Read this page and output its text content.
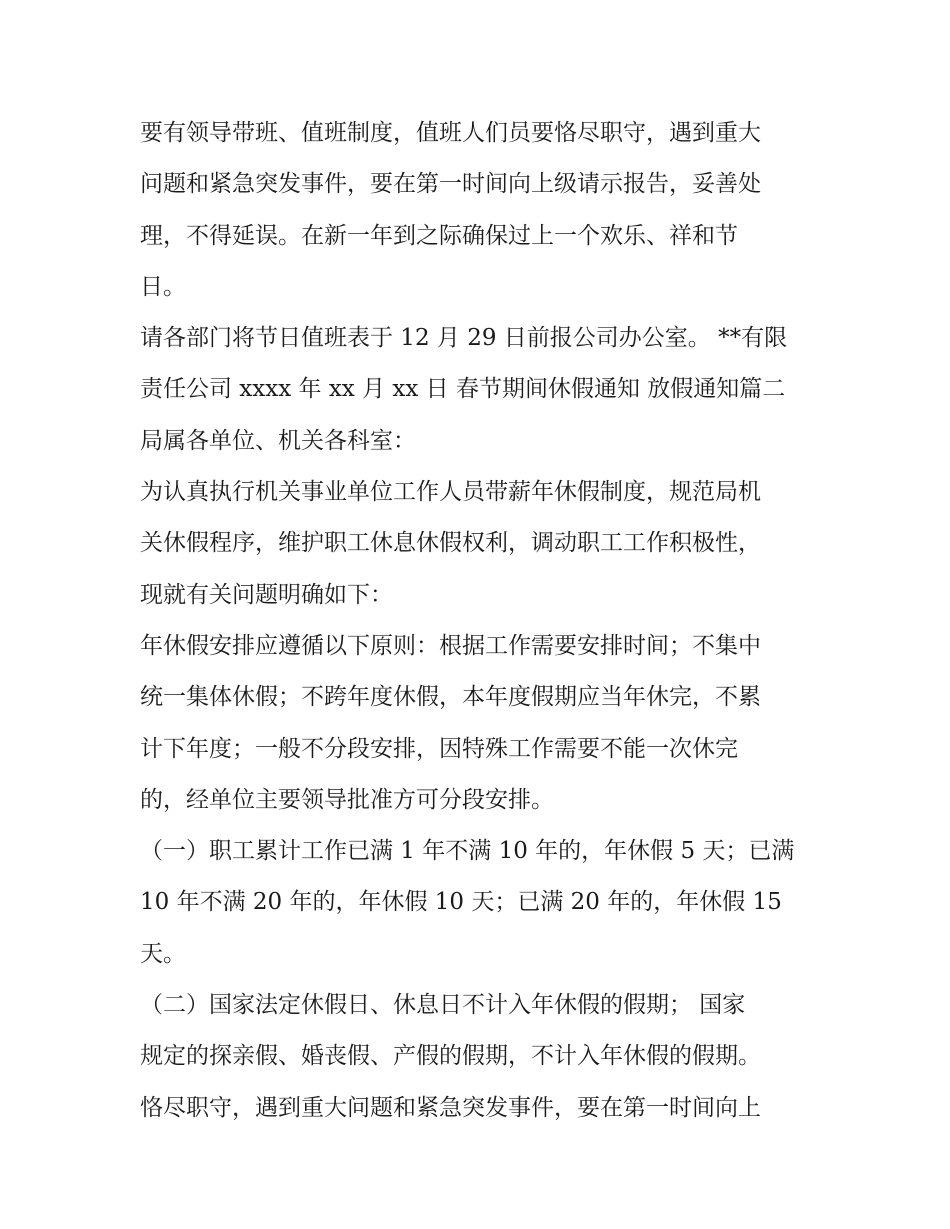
要有领导带班、值班制度，值班人们员要恪尽职守，遇到重大
问题和紧急突发事件，要在第一时间向上级请示报告，妥善处
理，不得延误。在新一年到之际确保过上一个欢乐、祥和节
日。
请各部门将节日值班表于 12 月 29 日前报公司办公室。 **有限
责任公司 xxxx 年 xx 月 xx 日 春节期间休假通知 放假通知篇二
局属各单位、机关各科室：
为认真执行机关事业单位工作人员带薪年休假制度，规范局机
关休假程序，维护职工休息休假权利，调动职工工作积极性，
现就有关问题明确如下：
年休假安排应遵循以下原则：根据工作需要安排时间；不集中
统一集体休假；不跨年度休假，本年度假期应当年休完，不累
计下年度；一般不分段安排，因特殊工作需要不能一次休完
的，经单位主要领导批准方可分段安排。
（一）职工累计工作已满 1 年不满 10 年的，年休假 5 天；已满
10 年不满 20 年的，年休假 10 天；已满 20 年的，年休假 15
天。
（二）国家法定休假日、休息日不计入年休假的假期； 国家
规定的探亲假、婚丧假、产假的假期，不计入年休假的假期。
恪尽职守，遇到重大问题和紧急突发事件，要在第一时间向上
